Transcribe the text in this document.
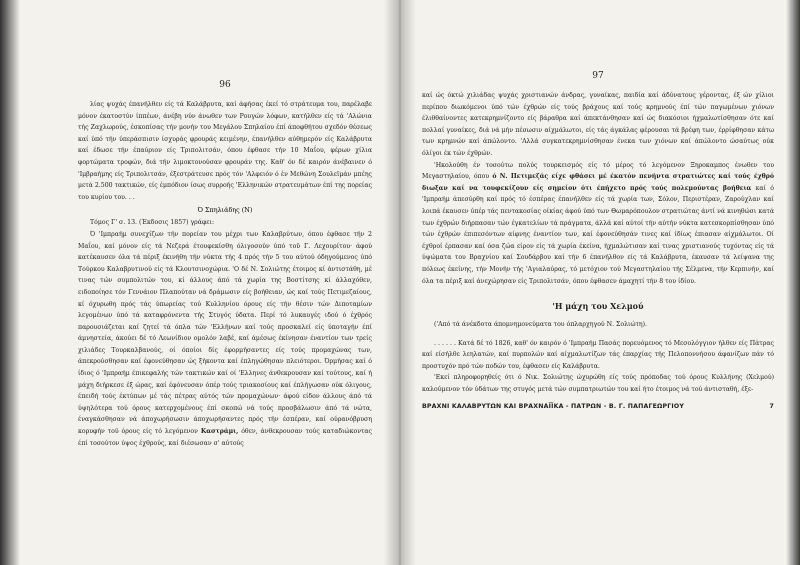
96

λίας ψυχάς έπανήλθεν είς τά Καλάβρυτα, καί άφήσας έκεί τό στράτευμα του, παρέλαβε μόνον έκατοστύν ίππέων, άνέβη νύν άνωθεν των Ρουγών λόφων, κατήλθεν είς τά 'Αλώνια τής Ζαχλωρούς, έσκοπίσας τήν μονήν του Μεγάλου Σπηλαίου έπί άποφθήτου σχεδόν θέσεως καί ύπό τήν ύπεράσπισιν ίσχυράς φρουράς κειμένην, έπανήλθεν αύθημερόν είς Καλάβρυτα καί έδωσε τήν έπαύριον είς Τριπολιτσάν, όπου έφθασε τήν 10 Μαΐου, φέρων χίλια φορτώματα τροφών, διά τήν λιμοκτονούσαν φρουράν της. Καθ' όν δέ καιρόν άνέβαινεν ό 'Ιμβραήμης είς Τριπολιτσάν, έξεστράτευσε πρός τόν 'Αλφειόν ό έν Μεθώνη Σουλεϊμάν μπέης μετά 2.500 τακτικών, είς έμπόδιον ίσως συρροής 'Ελληνικών στρατευμάτων έπί της πορείας του κυρίου του. . .

Ό Σπηλιάδης (Ν)

Τόμος Γ' σ. 13. (Έκδοσις 1857) γράφει:

Ό 'Ιμπραήμ συνεχίζων τήν πορείαν του μέχρι των Καλαβρύτων, όπου έφθασε τήν 2 Μαΐου, καί μόνον είς τά Νεζερά έτουφεκίσθη όλιγοσούν ύπό τοϋ Γ. Λεχουρίτου· άφού κατέκαυσεν όλα τά πέριξ έκινήθη τήν νύκτα τής 4 πρός τήν 5 του αύτού όδηγούμενος ύπό Τούρκου Καλαβρυτινού είς τά Κλουτσινοχώρια. 'Ο δέ Ν. Σολιώτης έτοιμος κί άντιστάθη, μέ τινας τών συμπολιτών του, κί άλλους άπό τά χωρία της Βοστίτσης κί άλλαχόθεν, ειδοποίησε τόν Γεννάιον Πλαπούταν νά δράμωσιν είς βοήθειαν, ώς καί τούς Πετιμεζαίους, κί όχυρωθη πρός τάς ύπωρείας τού Κυλληνίου όρους είς τήν θέσιν τών Διποταμίων λεγομένων ύπό τά καταφρόνεντα τής Στυγός ύδατα. Περί τό λυκαυγές ιδού ό έχθρός παρουσιάζεται καί ζητεί τά όπλα τών 'Ελλήνων καί τούς προσκαλεί είς ύποταγήν έπί άμνηστεία, άκούει δέ τό Λεωνίδιον ομολόν λαβέ, καί άμέσως έκίνησαν έναντίον των τρείς χιλιάδες Τουρκαλβανούς, οί όποίοι δίς έφορμήσαντες είς τούς προμαχώνας των, άπεκρούσθησαν καί έφονεύθησαν ώς ξήκοντα καί έπληγώθησαν πλειότεροι. Όρμήσας καί ό ίδιος ό 'Ιμπραήμ έπικεφαλής τών τακτικών καί οί 'Ελληνες άνθεκρουσαν καί τούτους, καί ή μάχη διήρκεσε έξ ώρας, καί έφόνευσαν όπέρ τούς τριακοσίους καί έπλήγωσαν ούκ όλιγους, έπειδή τούς έκτύπων μέ τάς πέτρας αύτός τών προμαχώνων· άφού είδον άλλους άπό τά ύψηλότερα τού όρους κατερχομένους έπί σκοπώ νά τούς προσβάλωσιν άπό τά νώτα, έναγκάσθησαν νά άποχωρήσωσιν άποχωρήσαντες πρός τήν έσπέραν, καί ούρανόβρυση κορυφήν τοϋ όρους είς τό λεγόμενον Καστράμι, όθεν, άνθεκρουσαν τούς καταδιώκοντας έπί τοσούτον ύψος έχθρούς, καί διέσωσαν σ' αύτούς

97

καί ώς όκτώ χιλιάδας ψυχάς χριστιανών άνδρας, γυναίκας, παιδία καί άδύνατους γέροντας, έξ ών χίλιοι περίπου διωκόμενοι ύπό τών έχθρών είς τούς βράχους καί τούς κρημνούς έπί τών παγωμένων χιόνων έλιθθαίνοντες κατεκρημνίζοντο είς βάραθρα καί άπεκτάνθησαν καί ώς διακόσιοι ήχμαλωτίσθησαν ότε καί πολλαί γυναίκες, διά νά μήν πέσωσιν αίχμάλωτοι, είς τάς άγκάλας φέρουσαι τά βρέφη των, έρρίφθησαν κάτω των κρημνών καί άπώλοντο. 'Αλλά συγκατεκρημνίσθησαν ένεκα των χιόνων καί άπώλοντο ώσαύτως ούκ όλίγοι έκ τών έχθρών.

'Ηκολούθη έν τοσούτω πολύς τουρκεισμός είς τό μέρος τό λεγόμενον Ξηροκαμπος ένωθεν του Μεγαστηλαίου, όπου ό Ν. Πετιμεζάς είχε φθάσει μέ έκατόν πενήντα στρατιώτες καί τούς έχθρό διωξαν καί να τουφεκίζουν είς σημείον ότι έπήχετο πρός τούς πολεμούντας βοήθεια καί ό 'Ιμπραήμ άπεσύρθη καί πρός τό έσπέρας έπανήλθεν είς τά χωρία των, Σόλον, Περιστέραν, Ζαρούχλαν καί λοιπά έκαυσεν ύπέρ τάς πεντακοσίας οίκίας άφού ύπό των Θωμαρόπουλον στρατιώτας άντί νά κινηθώσι κατά των έχθρών διήρπασαν τών έγκατελίων τά πράγματα, άλλά καί αύτοί τήν αύτήν νύκτα κατεσκορπίσθησαν ύπό τών έχθρών έπιπεσόντων αίφνης έναντίον των, καί έφονεύθησάν τινες καί ίδίως έπιασαν αίχμάλωτοι. Οί έχθροί έρπασαν καί όσα ζώα είρον είς τά χωρία έκείνα, ήχμαλώτισαν καί τινας χριστιανούς τυχόντας είς τά ύψώματα του Βραχνίου καί Σουδάρβου καί τήν 6 έπανήλθον είς τά Καλάβρυτα, έκαυσαν τά λείψανα της πόλεως έκείνης, τήν Μονήν τής 'Αγιαλαύρας, τό μετόχιον τού Μεγαστηλαίου τής Σέλμενα, τήν Κερπινήν, καί όλα τα πέριξ καί άνεχώρησαν είς Τριπολιτσάν, όπου έφθασεν άμαχητί τήν 8 του ίδίου.

'Η μάχη του Χελμού

('Από τά άνέκδοτα άπομνημονεύματα του όπλαρχηγού Ν. Σολιώτη).

. . . . . . Κατά δέ τό 1826, καθ' όν καιρόν ό 'Ιμπραήμ Πασάς πορευόμενος τό Μεσολόγγιον ήλθεν είς Πάτρας καί είσήλθε λεηλατών, καί πυρπολών καί αίχμαλωτίζων τάς έπαρχίας τής Πελοποννήσου άφανίζων πάν τό προστυχόν πρό τών ποδών του, έφθασεν είς Καλάβρυτα.

'Εκεί πληροφορηθείς ότι ό Νικ. Σολιώτης ώχυρώθη είς τούς πρόποδας τού όρους Κυλλήνης (Χελμού) καλούμενον τόν ύδάτων της στυγός μετά τών συμπατριωτών του καί ήτο έτοιμος νά τού άντισταθή, έξε-

ΒΡΑΧΝΙ ΚΑΛΑΒΡΥΤΩΝ ΚΑΙ ΒΡΑΧΝΑΪΪΚΑ - ΠΑΤΡΩΝ - Β. Γ. ΠΑΠΑΓΕΩΡΓΙΟΥ	7
